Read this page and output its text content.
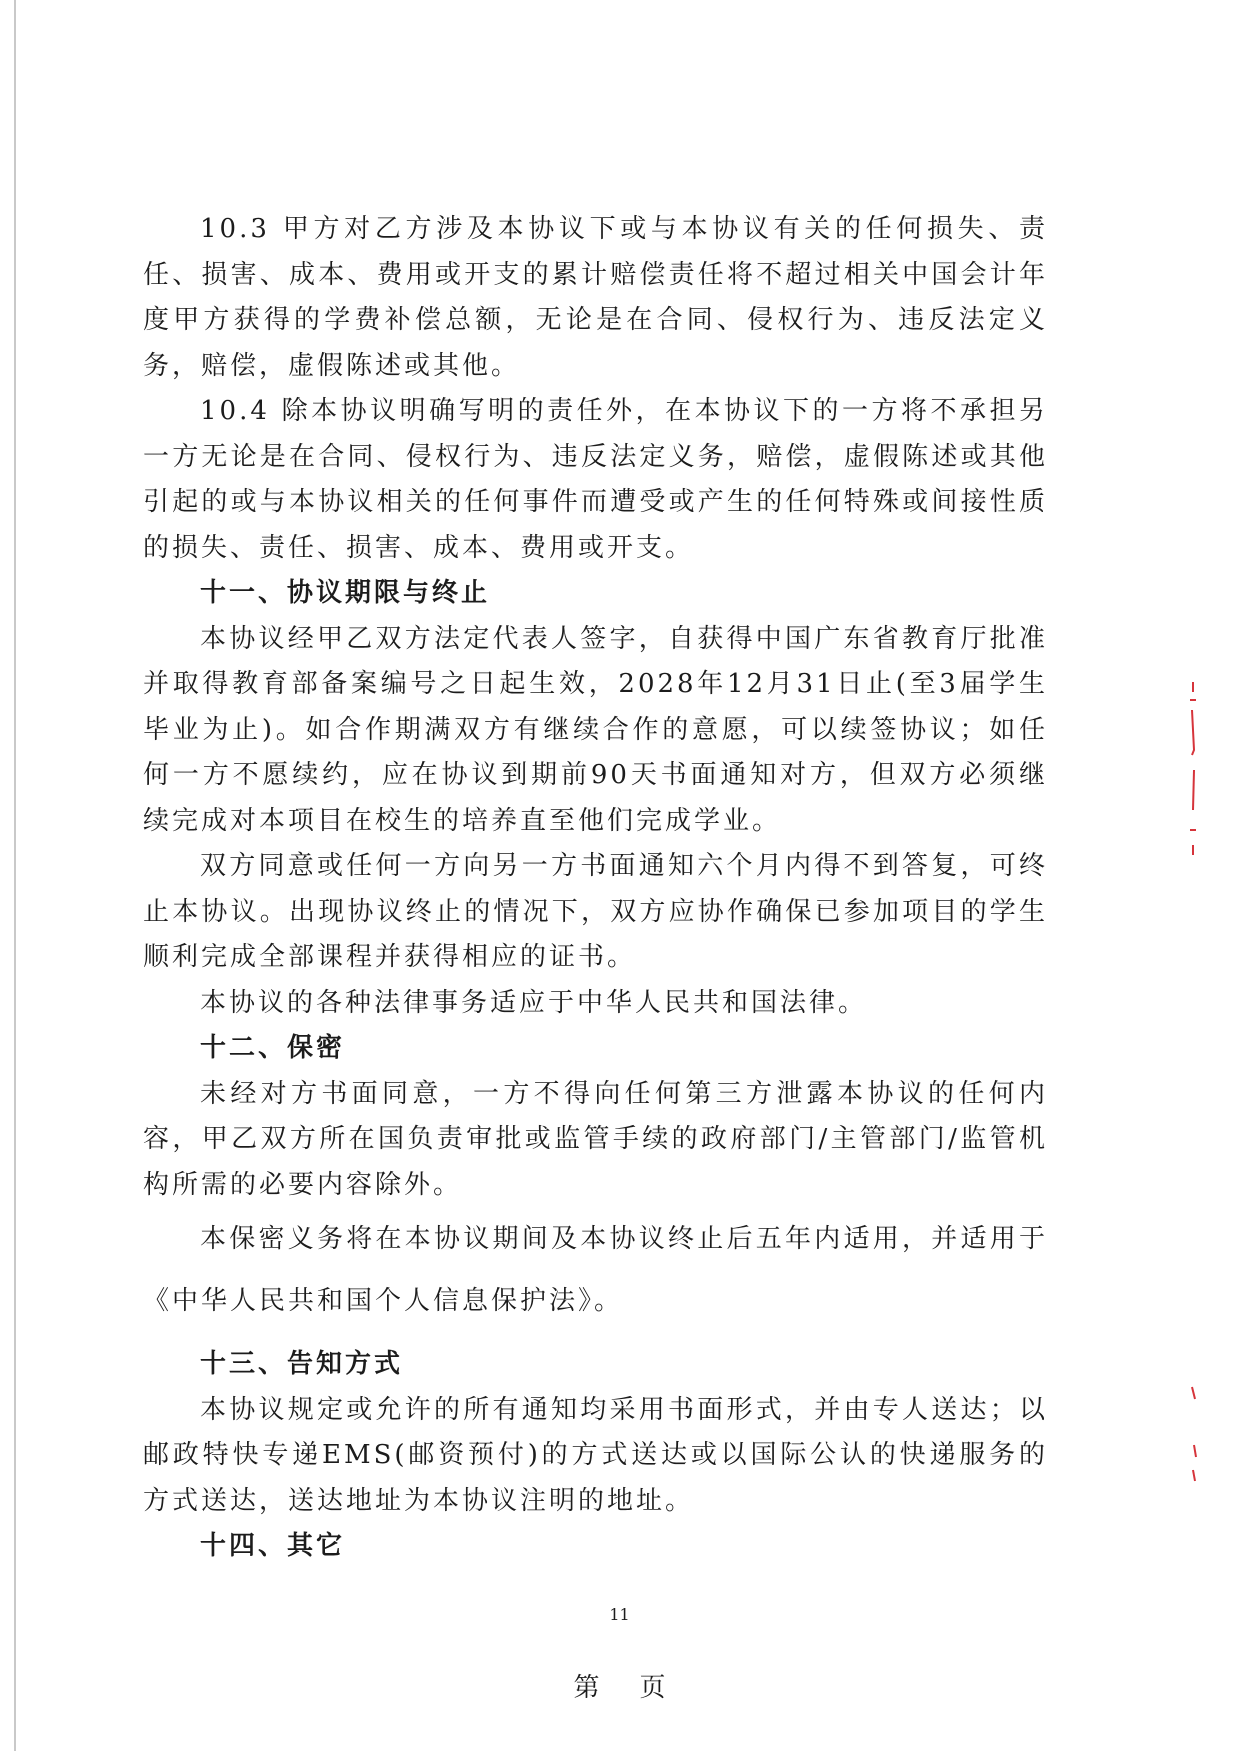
10.3 甲方对乙方涉及本协议下或与本协议有关的任何损失、责任、损害、成本、费用或开支的累计赔偿责任将不超过相关中国会计年度甲方获得的学费补偿总额，无论是在合同、侵权行为、违反法定义务，赔偿，虚假陈述或其他。

10.4 除本协议明确写明的责任外，在本协议下的一方将不承担另一方无论是在合同、侵权行为、违反法定义务，赔偿，虚假陈述或其他引起的或与本协议相关的任何事件而遭受或产生的任何特殊或间接性质的损失、责任、损害、成本、费用或开支。

十一、协议期限与终止

本协议经甲乙双方法定代表人签字，自获得中国广东省教育厅批准并取得教育部备案编号之日起生效，2028年12月31日止(至3届学生毕业为止)。如合作期满双方有继续合作的意愿，可以续签协议；如任何一方不愿续约，应在协议到期前90天书面通知对方，但双方必须继续完成对本项目在校生的培养直至他们完成学业。

双方同意或任何一方向另一方书面通知六个月内得不到答复，可终止本协议。出现协议终止的情况下，双方应协作确保已参加项目的学生顺利完成全部课程并获得相应的证书。

本协议的各种法律事务适应于中华人民共和国法律。

十二、保密

未经对方书面同意，一方不得向任何第三方泄露本协议的任何内容，甲乙双方所在国负责审批或监管手续的政府部门/主管部门/监管机构所需的必要内容除外。

本保密义务将在本协议期间及本协议终止后五年内适用，并适用于《中华人民共和国个人信息保护法》。

十三、告知方式

本协议规定或允许的所有通知均采用书面形式，并由专人送达；以邮政特快专递EMS(邮资预付)的方式送达或以国际公认的快递服务的方式送达，送达地址为本协议注明的地址。

十四、其它
11
第 页
